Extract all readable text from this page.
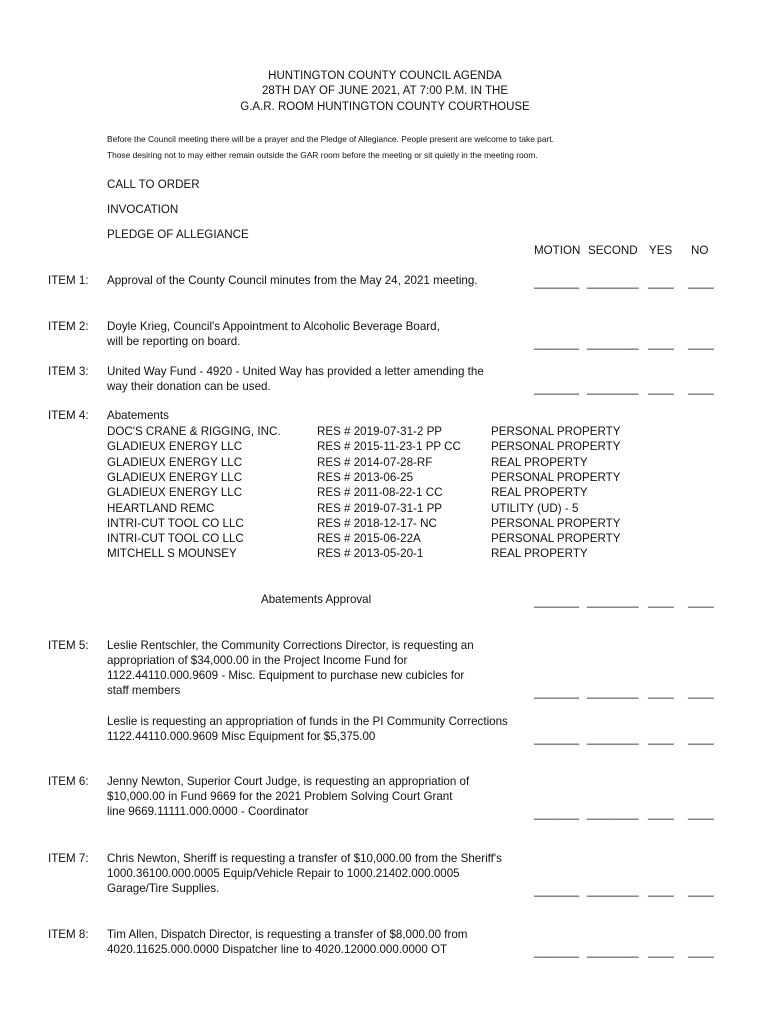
HUNTINGTON COUNTY COUNCIL AGENDA
28TH DAY OF JUNE 2021, AT 7:00 P.M. IN THE
G.A.R. ROOM HUNTINGTON COUNTY COURTHOUSE
Before the Council meeting there will be a prayer and the Pledge of Allegiance. People present are welcome to take part.
Those desiring not to may either remain outside the GAR room before the meeting or sit quietly in the meeting room.
CALL TO ORDER
INVOCATION
PLEDGE OF ALLEGIANCE
MOTION SECOND YES NO
ITEM 1: Approval of the County Council minutes from the May 24, 2021 meeting.	_______ ________ ____ ____
ITEM 2: Doyle Krieg, Council's Appointment to Alcoholic Beverage Board,
will be reporting on board.	_______ ________ ____ ____
ITEM 3: United Way Fund - 4920 - United Way has provided a letter amending the
way their donation can be used.	_______ ________ ____ ____
ITEM 4: Abatements
DOC'S CRANE & RIGGING, INC.	RES # 2019-07-31-2 PP	PERSONAL PROPERTY
GLADIEUX ENERGY LLC	RES # 2015-11-23-1 PP CC	PERSONAL PROPERTY
GLADIEUX ENERGY LLC	RES # 2014-07-28-RF	REAL PROPERTY
GLADIEUX ENERGY LLC	RES # 2013-06-25	PERSONAL PROPERTY
GLADIEUX ENERGY LLC	RES # 2011-08-22-1 CC	REAL PROPERTY
HEARTLAND REMC	RES # 2019-07-31-1 PP	UTILITY (UD) - 5
INTRI-CUT TOOL CO LLC	RES # 2018-12-17- NC	PERSONAL PROPERTY
INTRI-CUT TOOL CO LLC	RES # 2015-06-22A	PERSONAL PROPERTY
MITCHELL S MOUNSEY	RES # 2013-05-20-1	REAL PROPERTY
Abatements Approval	_______ ________ ____ ____
ITEM 5: Leslie Rentschler, the Community Corrections Director, is requesting an
appropriation of $34,000.00 in the Project Income Fund for
1122.44110.000.9609 - Misc. Equipment to purchase new cubicles for
staff members	_______ ________ ____ ____
Leslie is requesting an appropriation of funds in the PI Community Corrections
1122.44110.000.9609 Misc Equipment for $5,375.00	_______ ________ ____ ____
ITEM 6: Jenny Newton, Superior Court Judge, is requesting an appropriation of
$10,000.00 in Fund 9669 for the 2021 Problem Solving Court Grant
line 9669.11111.000.0000 - Coordinator	_______ ________ ____ ____
ITEM 7: Chris Newton, Sheriff is requesting a transfer of $10,000.00 from the Sheriff's
1000.36100.000.0005 Equip/Vehicle Repair to 1000.21402.000.0005
Garage/Tire Supplies.	_______ ________ ____ ____
ITEM 8: Tim Allen, Dispatch Director, is requesting a transfer of $8,000.00 from
4020.11625.000.0000 Dispatcher line to 4020.12000.000.0000 OT	_______ ________ ____ ____
